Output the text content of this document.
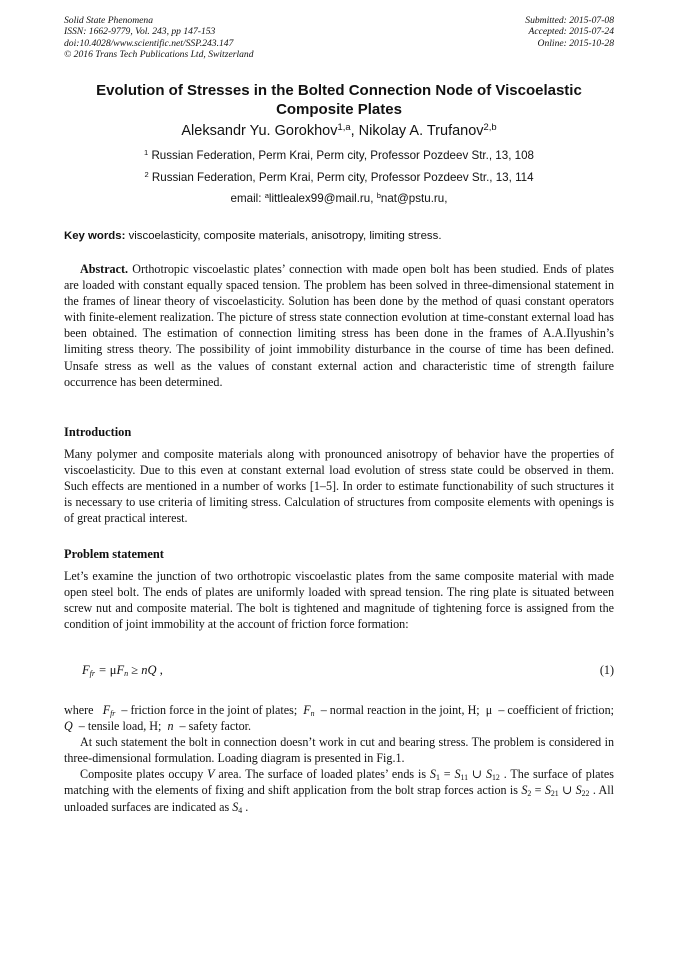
Solid State Phenomena
ISSN: 1662-9779, Vol. 243, pp 147-153
doi:10.4028/www.scientific.net/SSP.243.147
© 2016 Trans Tech Publications Ltd, Switzerland
Submitted: 2015-07-08
Accepted: 2015-07-24
Online: 2015-10-28
Evolution of Stresses in the Bolted Connection Node of Viscoelastic Composite Plates
Aleksandr Yu. Gorokhov$^{1,a}$, Nikolay A. Trufanov$^{2,b}$
$^1$ Russian Federation, Perm Krai, Perm city, Professor Pozdeev Str., 13, 108
$^2$ Russian Federation, Perm Krai, Perm city, Professor Pozdeev Str., 13, 114
email: $^a$littlealex99@mail.ru, $^b$nat@pstu.ru,
Key words: viscoelasticity, composite materials, anisotropy, limiting stress.

Abstract. Orthotropic viscoelastic plates’ connection with made open bolt has been studied. Ends of plates are loaded with constant equally spaced tension. The problem has been solved in three-dimensional statement in the frames of linear theory of viscoelasticity. Solution has been done by the method of quasi constant operators with finite-element realization. The picture of stress state connection evolution at time-constant external load has been obtained. The estimation of connection limiting stress has been done in the frames of A.A.Ilyushin’s limiting stress theory. The possibility of joint immobility disturbance in the course of time has been defined. Unsafe stress as well as the values of constant external action and characteristic time of strength failure occurrence has been determined.

Introduction

Many polymer and composite materials along with pronounced anisotropy of behavior have the properties of viscoelasticity. Due to this even at constant external load evolution of stress state could be observed in them. Such effects are mentioned in a number of works [1–5]. In order to estimate functionability of such structures it is necessary to use criteria of limiting stress. Calculation of structures from composite elements with openings is of great practical interest.

Problem statement

Let’s examine the junction of two orthotropic viscoelastic plates from the same composite material with made open steel bolt. The ends of plates are uniformly loaded with spread tension. The ring plate is situated between screw nut and composite material. The bolt is tightened and magnitude of tightening force is assigned from the condition of joint immobility at the account of friction force formation:

$F_{fr} = \mu F_n$ ≥ nQ ,	(1)

where $F_{fr}$  – friction force in the joint of plates;  $F_n$  – normal reaction in the joint, H;  μ  – coefficient of friction; Q  – tensile load, H;  n  – safety factor.

At such statement the bolt in connection doesn’t work in cut and bearing stress. The problem is considered in three-dimensional formulation. Loading diagram is presented in Fig.1.

Composite plates occupy V area. The surface of loaded plates’ ends is $S_1 = S_{11}$ ∪ $S_{12}$ . The surface of plates matching with the elements of fixing and shift application from the bolt strap forces action is $S_2 = S_{21}$ ∪ $S_{22}$ . All unloaded surfaces are indicated as $S_4$ .
